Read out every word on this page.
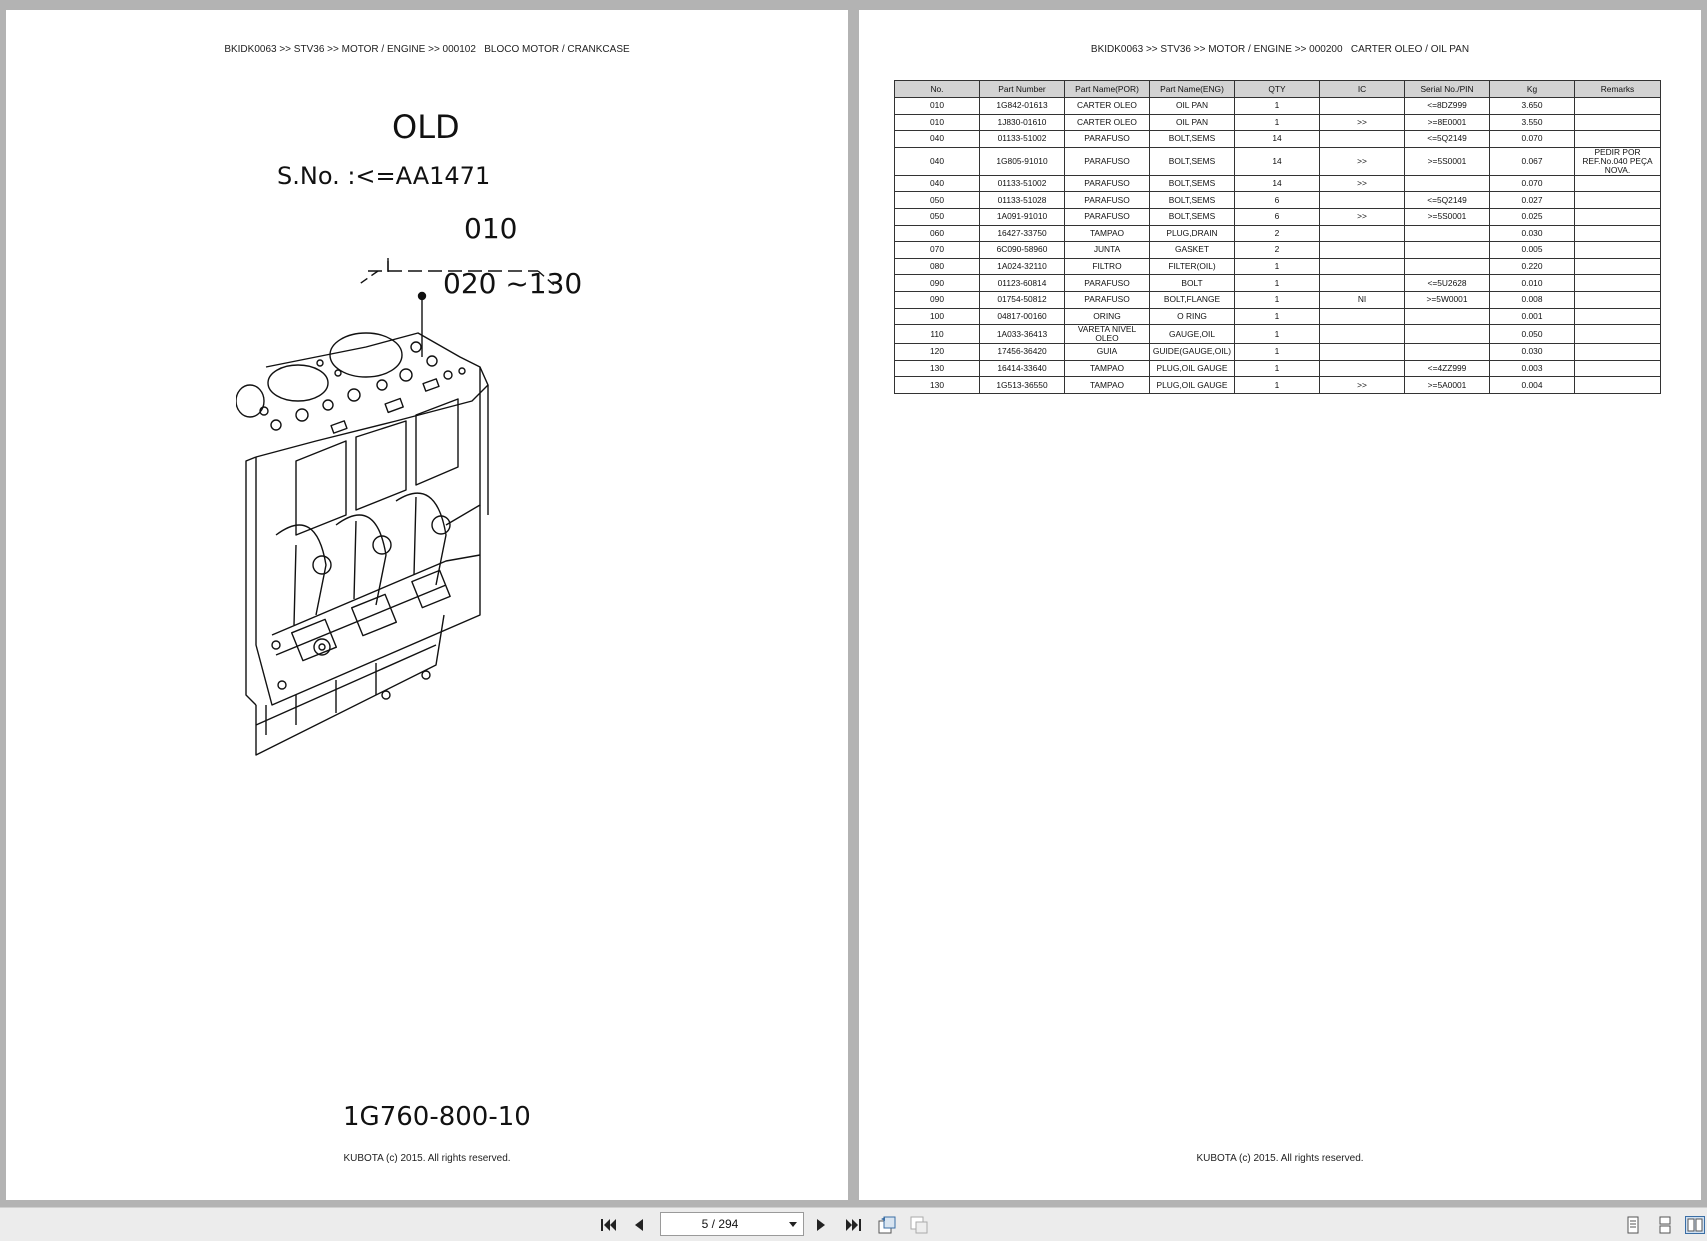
BKIDK0063 >> STV36 >> MOTOR / ENGINE >> 000102   BLOCO MOTOR / CRANKCASE
OLD
S.No. :<=AA1471
010
020 ~130
1G760-800-10
KUBOTA (c) 2015. All rights reserved.
BKIDK0063 >> STV36 >> MOTOR / ENGINE >> 000200   CARTER OLEO / OIL PAN
No.	Part Number	Part Name(POR)	Part Name(ENG)	QTY	IC	Serial No./PIN	Kg	Remarks
010	1G842-01613	CARTER OLEO	OIL PAN	1		<=8DZ999	3.650	
010	1J830-01610	CARTER OLEO	OIL PAN	1	>>	>=8E0001	3.550	
040	01133-51002	PARAFUSO	BOLT,SEMS	14		<=5Q2149	0.070	
040	1G805-91010	PARAFUSO	BOLT,SEMS	14	>>	>=5S0001	0.067	PEDIR POR REF.No.040 PEÇA NOVA.
040	01133-51002	PARAFUSO	BOLT,SEMS	14	>>		0.070	
050	01133-51028	PARAFUSO	BOLT,SEMS	6		<=5Q2149	0.027	
050	1A091-91010	PARAFUSO	BOLT,SEMS	6	>>	>=5S0001	0.025	
060	16427-33750	TAMPAO	PLUG,DRAIN	2			0.030	
070	6C090-58960	JUNTA	GASKET	2			0.005	
080	1A024-32110	FILTRO	FILTER(OIL)	1			0.220	
090	01123-60814	PARAFUSO	BOLT	1		<=5U2628	0.010	
090	01754-50812	PARAFUSO	BOLT,FLANGE	1	NI	>=5W0001	0.008	
100	04817-00160	ORING	O RING	1			0.001	
110	1A033-36413	VARETA NIVEL OLEO	GAUGE,OIL	1			0.050	
120	17456-36420	GUIA	GUIDE(GAUGE,OIL)	1			0.030	
130	16414-33640	TAMPAO	PLUG,OIL GAUGE	1		<=4ZZ999	0.003	
130	1G513-36550	TAMPAO	PLUG,OIL GAUGE	1	>>	>=5A0001	0.004	
KUBOTA (c) 2015. All rights reserved.
5 / 294
